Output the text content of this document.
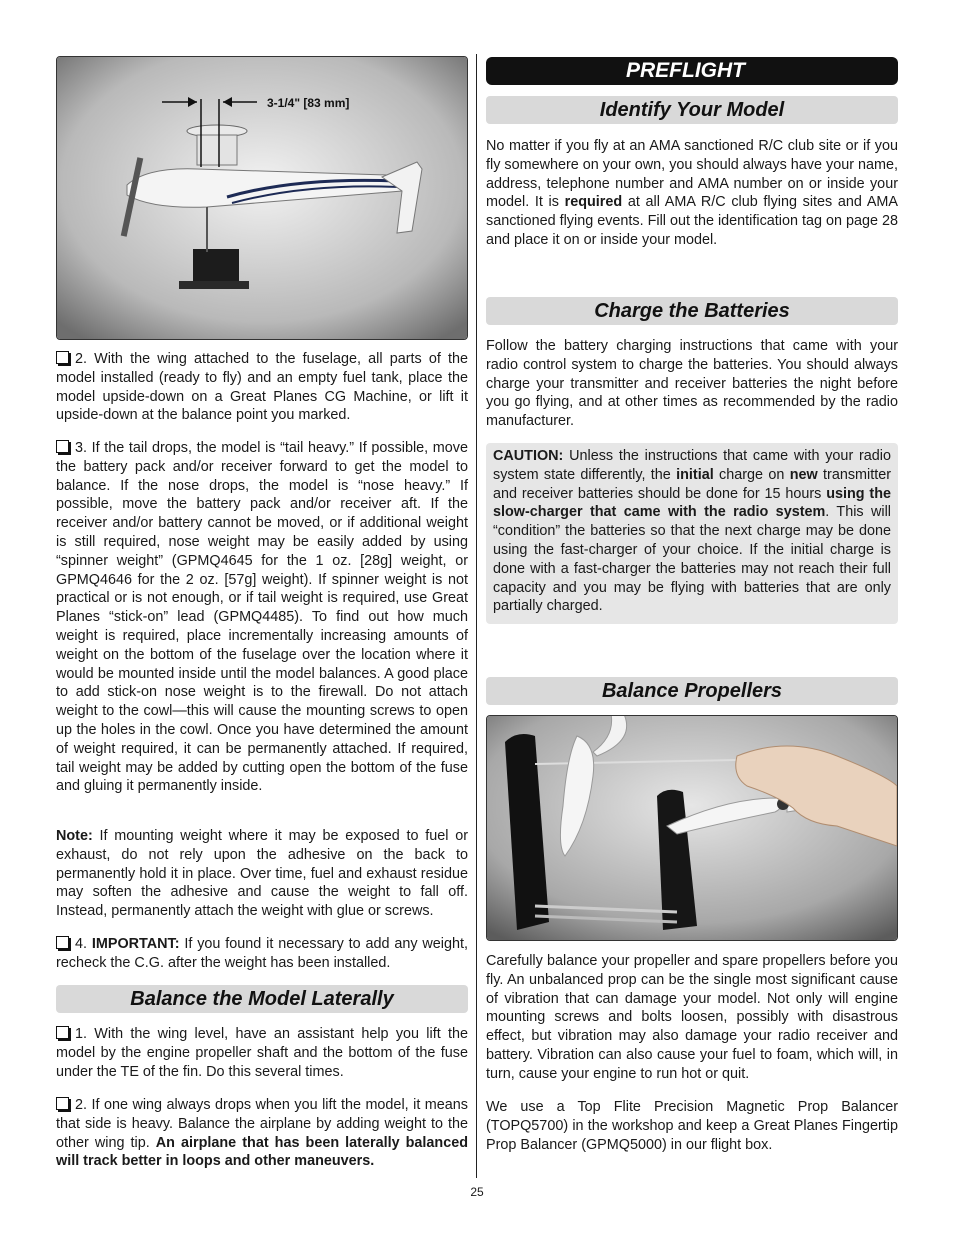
3-1/4" [83 mm]

2. With the wing attached to the fuselage, all parts of the model installed (ready to fly) and an empty fuel tank, place the model upside-down on a Great Planes CG Machine, or lift it upside-down at the balance point you marked.

3. If the tail drops, the model is “tail heavy.” If possible, move the battery pack and/or receiver forward to get the model to balance. If the nose drops, the model is “nose heavy.” If possible, move the battery pack and/or receiver aft. If the receiver and/or battery cannot be moved, or if additional weight is still required, nose weight may be easily added by using “spinner weight” (GPMQ4645 for the 1 oz. [28g] weight, or GPMQ4646 for the 2 oz. [57g] weight). If spinner weight is not practical or is not enough, or if tail weight is required, use Great Planes “stick-on” lead (GPMQ4485). To find out how much weight is required, place incrementally increasing amounts of weight on the bottom of the fuselage over the location where it would be mounted inside until the model balances. A good place to add stick-on nose weight is to the firewall. Do not attach weight to the cowl—this will cause the mounting screws to open up the holes in the cowl. Once you have determined the amount of weight required, it can be permanently attached. If required, tail weight may be added by cutting open the bottom of the fuse and gluing it permanently inside.

Note: If mounting weight where it may be exposed to fuel or exhaust, do not rely upon the adhesive on the back to permanently hold it in place. Over time, fuel and exhaust residue may soften the adhesive and cause the weight to fall off. Instead, permanently attach the weight with glue or screws.

4. IMPORTANT: If you found it necessary to add any weight, recheck the C.G. after the weight has been installed.

Balance the Model Laterally

1. With the wing level, have an assistant help you lift the model by the engine propeller shaft and the bottom of the fuse under the TE of the fin. Do this several times.

2. If one wing always drops when you lift the model, it means that side is heavy. Balance the airplane by adding weight to the other wing tip. An airplane that has been laterally balanced will track better in loops and other maneuvers.

PREFLIGHT
Identify Your Model

No matter if you fly at an AMA sanctioned R/C club site or if you fly somewhere on your own, you should always have your name, address, telephone number and AMA number on or inside your model. It is required at all AMA R/C club flying sites and AMA sanctioned flying events. Fill out the identification tag on page 28 and place it on or inside your model.

Charge the Batteries

Follow the battery charging instructions that came with your radio control system to charge the batteries. You should always charge your transmitter and receiver batteries the night before you go flying, and at other times as recommended by the radio manufacturer.

CAUTION: Unless the instructions that came with your radio system state differently, the initial charge on new transmitter and receiver batteries should be done for 15 hours using the slow-charger that came with the radio system. This will “condition” the batteries so that the next charge may be done using the fast-charger of your choice. If the initial charge is done with a fast-charger the batteries may not reach their full capacity and you may be flying with batteries that are only partially charged.

Balance Propellers

Carefully balance your propeller and spare propellers before you fly. An unbalanced prop can be the single most significant cause of vibration that can damage your model. Not only will engine mounting screws and bolts loosen, possibly with disastrous effect, but vibration may also damage your radio receiver and battery. Vibration can also cause your fuel to foam, which will, in turn, cause your engine to run hot or quit.

We use a Top Flite Precision Magnetic Prop Balancer (TOPQ5700) in the workshop and keep a Great Planes Fingertip Prop Balancer (GPMQ5000) in our flight box.

25
